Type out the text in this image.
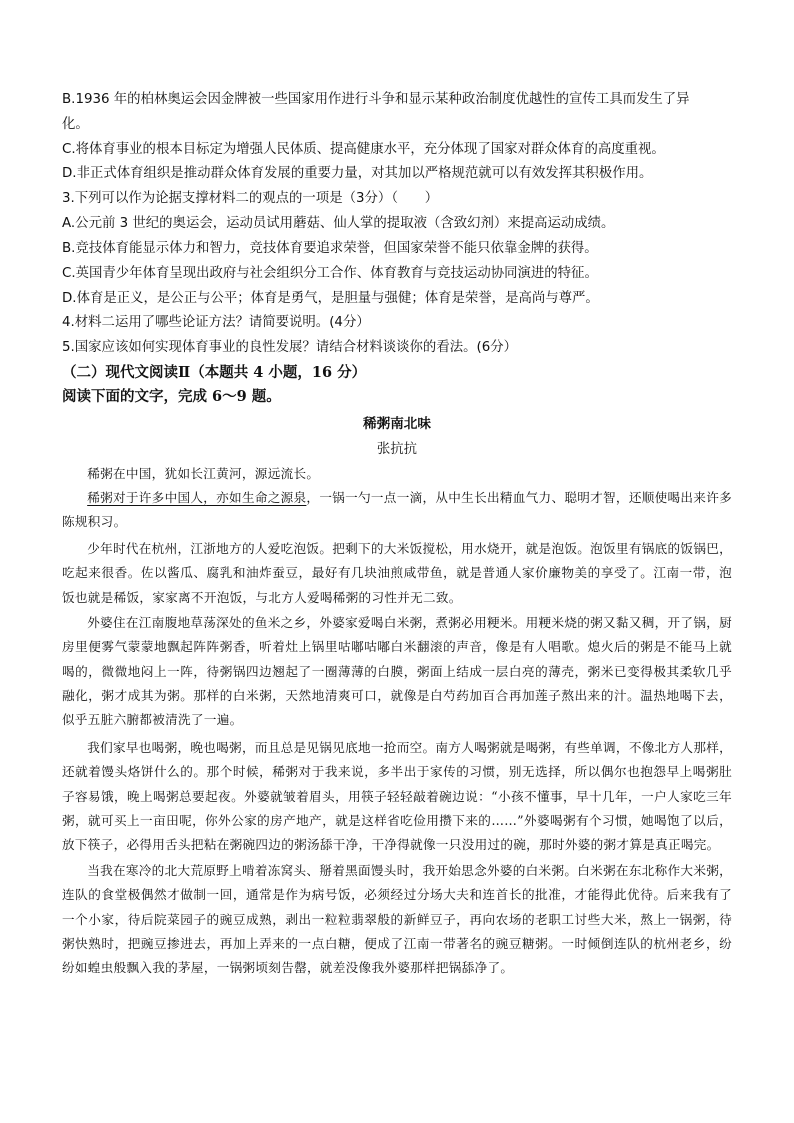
B.1936 年的柏林奥运会因金牌被一些国家用作进行斗争和显示某种政治制度优越性的宣传工具而发生了异
化。
C.将体育事业的根本目标定为增强人民体质、提高健康水平，充分体现了国家对群众体育的高度重视。
D.非正式体育组织是推动群众体育发展的重要力量，对其加以严格规范就可以有效发挥其积极作用。
3.下列可以作为论据支撑材料二的观点的一项是（3分）（　　）
A.公元前 3 世纪的奥运会，运动员试用蘑菇、仙人掌的提取液（含致幻剂）来提高运动成绩。
B.竞技体育能显示体力和智力，竞技体育要追求荣誉，但国家荣誉不能只依靠金牌的获得。
C.英国青少年体育呈现出政府与社会组织分工合作、体育教育与竞技运动协同演进的特征。
D.体育是正义，是公正与公平；体育是勇气，是胆量与强健；体育是荣誉，是高尚与尊严。
4.材料二运用了哪些论证方法？请简要说明。(4分）
5.国家应该如何实现体育事业的良性发展？请结合材料谈谈你的看法。(6分）
（二）现代文阅读Ⅱ（本题共 4 小题，16 分）
阅读下面的文字，完成 6～9 题。
稀粥南北味
张抗抗
稀粥在中国，犹如长江黄河，源远流长。
稀粥对于许多中国人，亦如生命之源泉，一锅一勺一点一滴，从中生长出精血气力、聪明才智，还顺使喝出来许多陈规积习。
少年时代在杭州，江浙地方的人爱吃泡饭。把剩下的大米饭搅松，用水烧开，就是泡饭。泡饭里有锅底的饭锅巴，吃起来很香。佐以酱瓜、腐乳和油炸蚕豆，最好有几块油煎咸带鱼，就是普通人家价廉物美的享受了。江南一带，泡饭也就是稀饭，家家离不开泡饭，与北方人爱喝稀粥的习性并无二致。
外婆住在江南腹地草荡深处的鱼米之乡，外婆家爱喝白米粥，煮粥必用粳米。用粳米烧的粥又黏又稠，开了锅，厨房里便雾气蒙蒙地飘起阵阵粥香，听着灶上锅里咕嘟咕嘟白米翻滚的声音，像是有人唱歌。熄火后的粥是不能马上就喝的，微微地闷上一阵，待粥锅四边翘起了一圈薄薄的白膜，粥面上结成一层白亮的薄壳，粥米已变得极其柔软几乎融化，粥才成其为粥。那样的白米粥，天然地清爽可口，就像是白芍药加百合再加莲子熬出来的汁。温热地喝下去，似乎五脏六腑都被清洗了一遍。
我们家早也喝粥，晚也喝粥，而且总是见锅见底地一抢而空。南方人喝粥就是喝粥，有些单调，不像北方人那样，还就着馒头烙饼什么的。那个时候，稀粥对于我来说，多半出于家传的习惯，别无选择，所以偶尔也抱怨早上喝粥肚子容易饿，晚上喝粥总要起夜。外婆就皱着眉头，用筷子轻轻敲着碗边说：“小孩不懂事，早十几年，一户人家吃三年粥，就可买上一亩田呢，你外公家的房产地产，就是这样省吃俭用攒下来的……”外婆喝粥有个习惯，她喝饱了以后，放下筷子，必得用舌头把粘在粥碗四边的粥汤舔干净，干净得就像一只没用过的碗，那时外婆的粥才算是真正喝完。
当我在寒冷的北大荒原野上啃着冻窝头、掰着黑面馒头时，我开始思念外婆的白米粥。白米粥在东北称作大米粥，连队的食堂极偶然才做制一回，通常是作为病号饭，必须经过分场大夫和连首长的批准，才能得此优待。后来我有了一个小家，待后院菜园子的豌豆成熟，剥出一粒粒翡翠般的新鲜豆子，再向农场的老职工讨些大米，熬上一锅粥，待粥快熟时，把豌豆掺进去，再加上弄来的一点白糖，便成了江南一带著名的豌豆糖粥。一时倾倒连队的杭州老乡，纷纷如蝗虫般飘入我的茅屋，一锅粥顷刻告罄，就差没像我外婆那样把锅舔净了。
